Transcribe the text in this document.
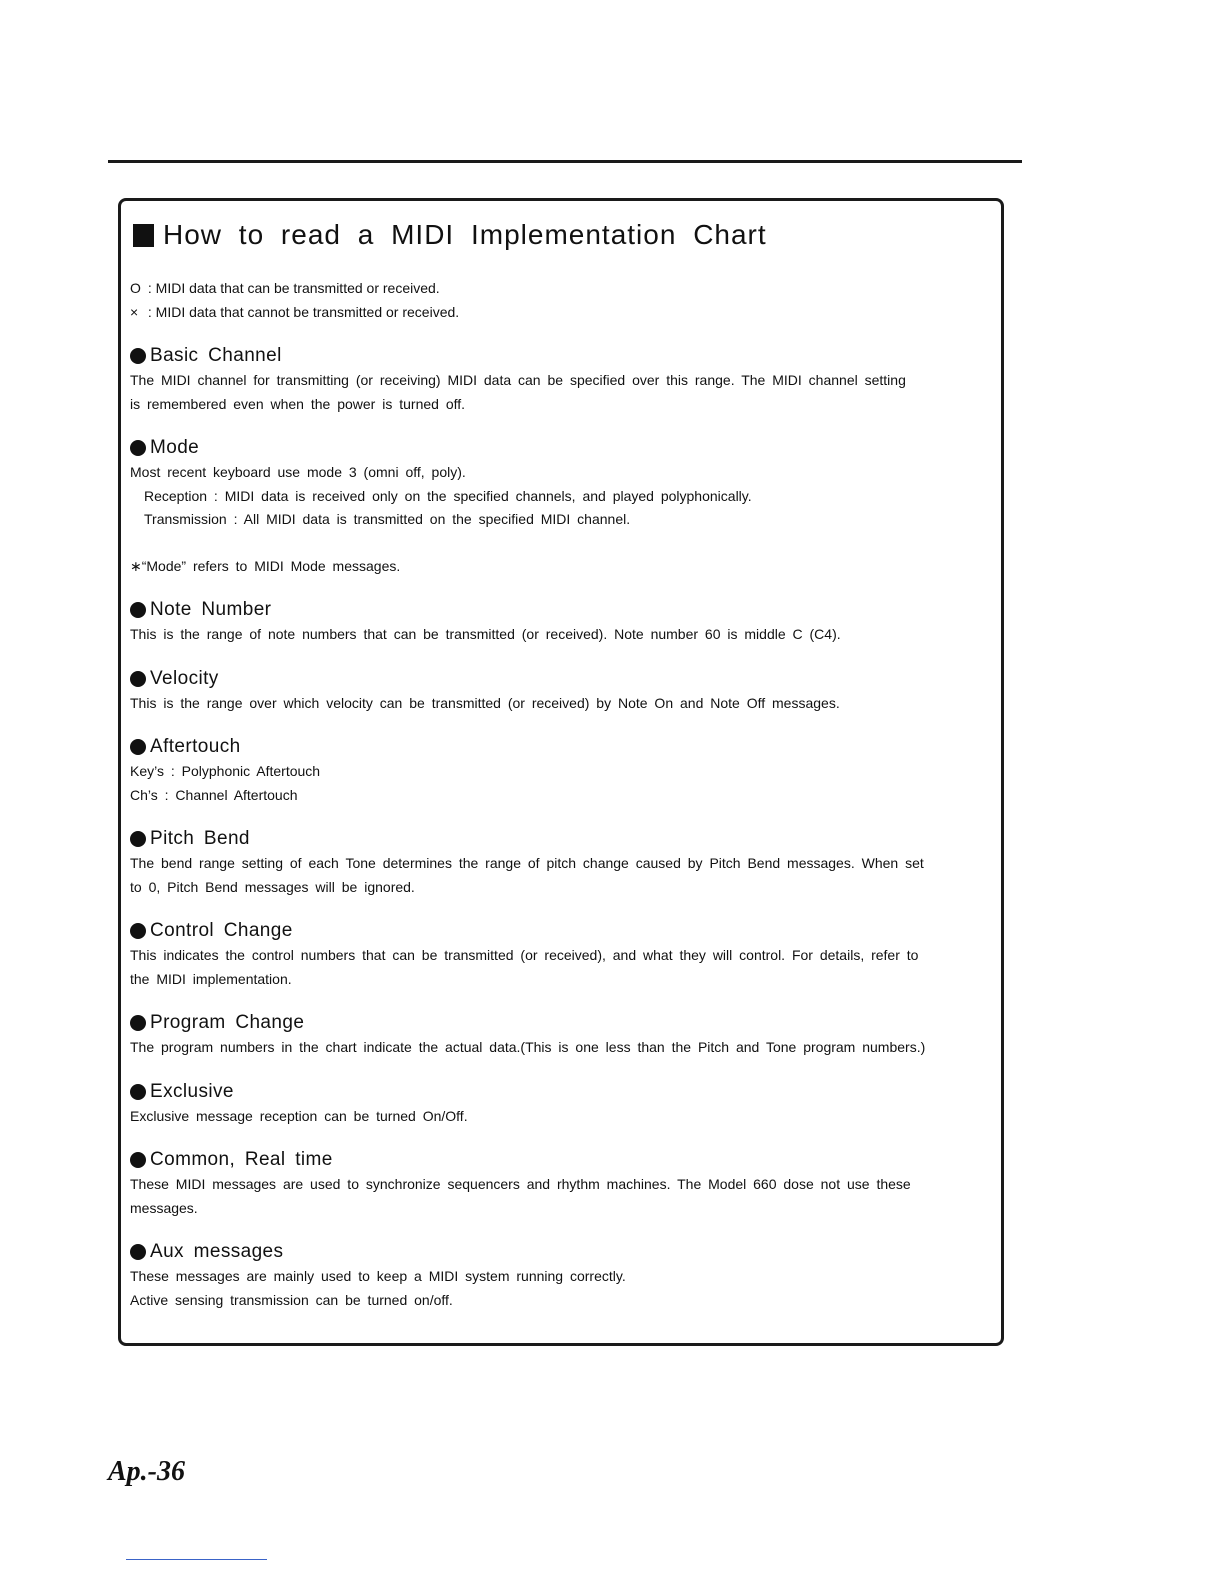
How to read a MIDI Implementation Chart
O : MIDI data that can be transmitted or received.
× : MIDI data that cannot be transmitted or received.
Basic Channel

The MIDI channel for transmitting (or receiving) MIDI data can be specified over this range. The MIDI channel setting

is remembered even when the power is turned off.

Mode

Most recent keyboard use mode 3 (omni off, poly).

Reception : MIDI data is received only on the specified channels, and played polyphonically.

Transmission : All MIDI data is transmitted on the specified MIDI channel.

∗“Mode” refers to MIDI Mode messages.
Note Number

This is the range of note numbers that can be transmitted (or received). Note number 60 is middle C (C4).

Velocity

This is the range over which velocity can be transmitted (or received) by Note On and Note Off messages.

Aftertouch

Key’s : Polyphonic Aftertouch

Ch’s : Channel Aftertouch

Pitch Bend

The bend range setting of each Tone determines the range of pitch change caused by Pitch Bend messages. When set

to 0, Pitch Bend messages will be ignored.

Control Change

This indicates the control numbers that can be transmitted (or received), and what they will control. For details, refer to

the MIDI implementation.

Program Change

The program numbers in the chart indicate the actual data.(This is one less than the Pitch and Tone program numbers.)

Exclusive

Exclusive message reception can be turned On/Off.

Common, Real time

These MIDI messages are used to synchronize sequencers and rhythm machines. The Model 660 dose not use these

messages.

Aux messages

These messages are mainly used to keep a MIDI system running correctly.

Active sensing transmission can be turned on/off.

Ap.-36
